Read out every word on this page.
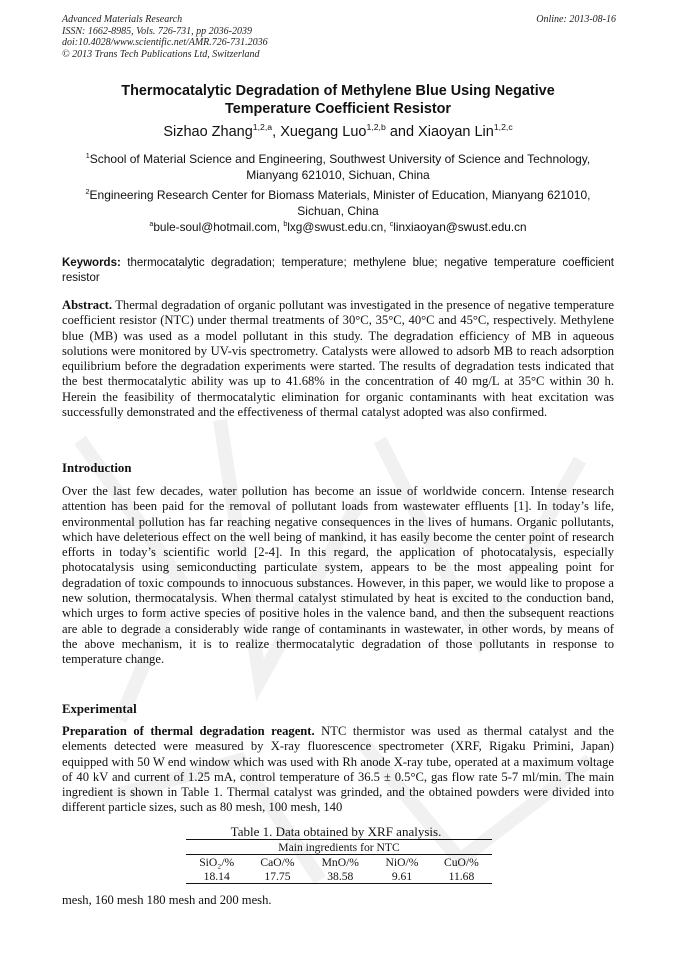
Advanced Materials Research
ISSN: 1662-8985, Vols. 726-731, pp 2036-2039
doi:10.4028/www.scientific.net/AMR.726-731.2036
© 2013 Trans Tech Publications Ltd, Switzerland
Online: 2013-08-16
Thermocatalytic Degradation of Methylene Blue Using Negative
Temperature Coefficient Resistor
Sizhao Zhang$^{1,2,a}$, Xuegang Luo$^{1,2,b}$ and Xiaoyan Lin$^{1,2,c}$
$^1$School of Material Science and Engineering, Southwest University of Science and Technology,
Mianyang 621010, Sichuan, China
$^2$Engineering Research Center for Biomass Materials, Minister of Education, Mianyang 621010,
Sichuan, China
$^a$bule-soul@hotmail.com, $^b$lxg@swust.edu.cn, $^c$linxiaoyan@swust.edu.cn
Keywords: thermocatalytic degradation; temperature; methylene blue; negative temperature coefficient resistor
Abstract. Thermal degradation of organic pollutant was investigated in the presence of negative temperature coefficient resistor (NTC) under thermal treatments of 30°C, 35°C, 40°C and 45°C, respectively. Methylene blue (MB) was used as a model pollutant in this study. The degradation efficiency of MB in aqueous solutions were monitored by UV-vis spectrometry. Catalysts were allowed to adsorb MB to reach adsorption equilibrium before the degradation experiments were started. The results of degradation tests indicated that the best thermocatalytic ability was up to 41.68% in the concentration of 40 mg/L at 35°C within 30 h. Herein the feasibility of thermocatalytic elimination for organic contaminants with heat excitation was successfully demonstrated and the effectiveness of thermal catalyst adopted was also confirmed.
Introduction
Over the last few decades, water pollution has become an issue of worldwide concern. Intense research attention has been paid for the removal of pollutant loads from wastewater effluents [1]. In today’s life, environmental pollution has far reaching negative consequences in the lives of humans. Organic pollutants, which have deleterious effect on the well being of mankind, it has easily become the center point of research efforts in today’s scientific world [2-4]. In this regard, the application of photocatalysis, especially photocatalysis using semiconducting particulate system, appears to be the most appealing point for degradation of toxic compounds to innocuous substances. However, in this paper, we would like to propose a new solution, thermocatalysis. When thermal catalyst stimulated by heat is excited to the conduction band, which urges to form active species of positive holes in the valence band, and then the subsequent reactions are able to degrade a considerably wide range of contaminants in wastewater, in other words, by means of the above mechanism, it is to realize thermocatalytic degradation of those pollutants in response to temperature change.
Experimental
Preparation of thermal degradation reagent. NTC thermistor was used as thermal catalyst and the elements detected were measured by X-ray fluorescence spectrometer (XRF, Rigaku Primini, Japan) equipped with 50 W end window which was used with Rh anode X-ray tube, operated at a maximum voltage of 40 kV and current of 1.25 mA, control temperature of 36.5 ± 0.5°C, gas flow rate 5-7 ml/min. The main ingredient is shown in Table 1. Thermal catalyst was grinded, and the obtained powders were divided into different particle sizes, such as 80 mesh, 100 mesh, 140
Table 1. Data obtained by XRF analysis.
Main ingredients for NTC				
SiO₂/%	CaO/%	MnO/%	NiO/%	CuO/%
18.14	17.75	38.58	9.61	11.68
mesh, 160 mesh 180 mesh and 200 mesh.
